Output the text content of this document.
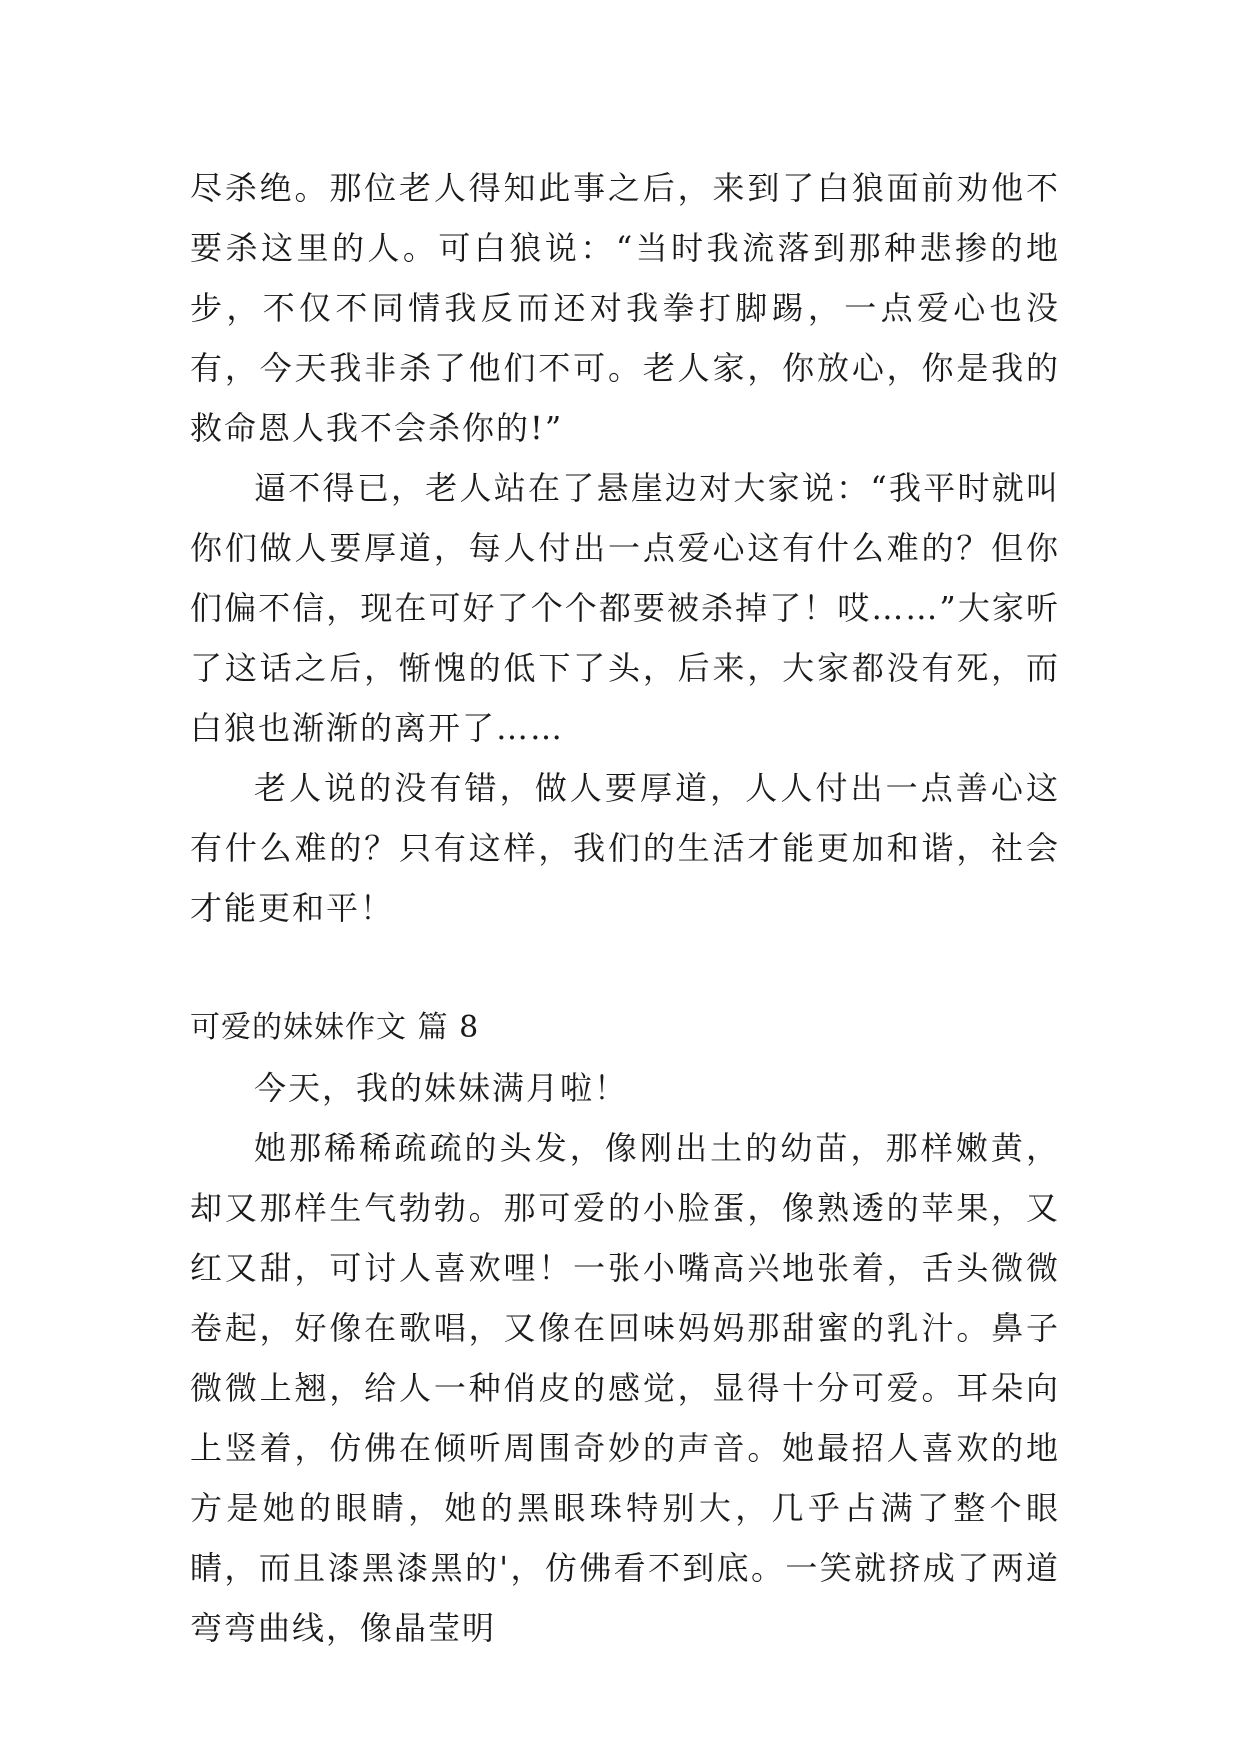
尽杀绝。那位老人得知此事之后，来到了白狼面前劝他不要杀这里的人。可白狼说：“当时我流落到那种悲掺的地步，不仅不同情我反而还对我拳打脚踢，一点爱心也没有，今天我非杀了他们不可。老人家，你放心，你是我的救命恩人我不会杀你的!”

逼不得已，老人站在了悬崖边对大家说：“我平时就叫你们做人要厚道，每人付出一点爱心这有什么难的？但你们偏不信，现在可好了个个都要被杀掉了！哎……”大家听了这话之后，惭愧的低下了头，后来，大家都没有死，而白狼也渐渐的离开了……

老人说的没有错，做人要厚道，人人付出一点善心这有什么难的？只有这样，我们的生活才能更加和谐，社会才能更和平！

可爱的妹妹作文 篇 8

今天，我的妹妹满月啦！

她那稀稀疏疏的头发，像刚出土的幼苗，那样嫩黄，却又那样生气勃勃。那可爱的小脸蛋，像熟透的苹果，又红又甜，可讨人喜欢哩！一张小嘴高兴地张着，舌头微微卷起，好像在歌唱，又像在回味妈妈那甜蜜的乳汁。鼻子微微上翘，给人一种俏皮的感觉，显得十分可爱。耳朵向上竖着，仿佛在倾听周围奇妙的声音。她最招人喜欢的地方是她的眼睛，她的黑眼珠特别大，几乎占满了整个眼睛，而且漆黑漆黑的'，仿佛看不到底。一笑就挤成了两道弯弯曲线，像晶莹明
